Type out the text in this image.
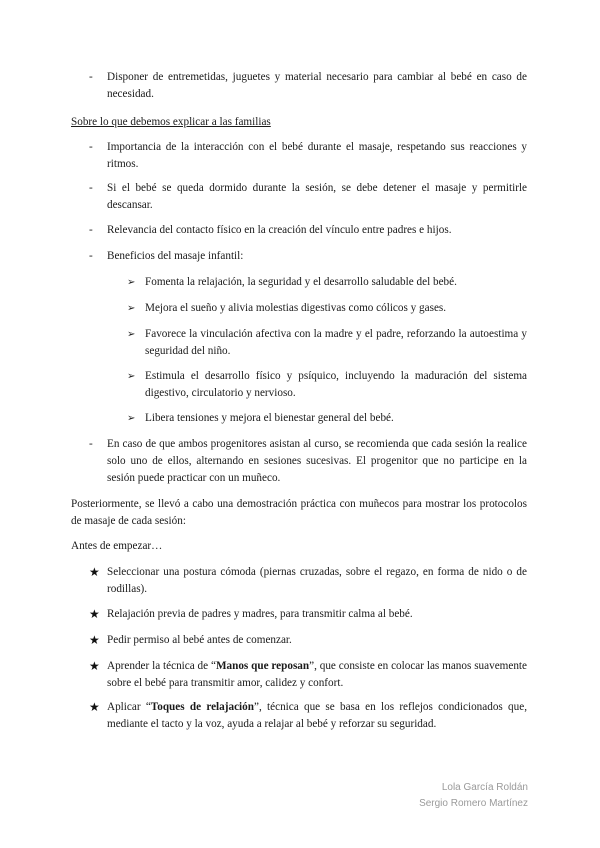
- Disponer de entremetidas, juguetes y material necesario para cambiar al bebé en caso de necesidad.
Sobre lo que debemos explicar a las familias
- Importancia de la interacción con el bebé durante el masaje, respetando sus reacciones y ritmos.
- Si el bebé se queda dormido durante la sesión, se debe detener el masaje y permitirle descansar.
- Relevancia del contacto físico en la creación del vínculo entre padres e hijos.
- Beneficios del masaje infantil:
➢ Fomenta la relajación, la seguridad y el desarrollo saludable del bebé.
➢ Mejora el sueño y alivia molestias digestivas como cólicos y gases.
➢ Favorece la vinculación afectiva con la madre y el padre, reforzando la autoestima y seguridad del niño.
➢ Estimula el desarrollo físico y psíquico, incluyendo la maduración del sistema digestivo, circulatorio y nervioso.
➢ Libera tensiones y mejora el bienestar general del bebé.
- En caso de que ambos progenitores asistan al curso, se recomienda que cada sesión la realice solo uno de ellos, alternando en sesiones sucesivas. El progenitor que no participe en la sesión puede practicar con un muñeco.
Posteriormente, se llevó a cabo una demostración práctica con muñecos para mostrar los protocolos de masaje de cada sesión:
Antes de empezar…
★ Seleccionar una postura cómoda (piernas cruzadas, sobre el regazo, en forma de nido o de rodillas).
★ Relajación previa de padres y madres, para transmitir calma al bebé.
★ Pedir permiso al bebé antes de comenzar.
★ Aprender la técnica de “Manos que reposan”, que consiste en colocar las manos suavemente sobre el bebé para transmitir amor, calidez y confort.
★ Aplicar “Toques de relajación”, técnica que se basa en los reflejos condicionados que, mediante el tacto y la voz, ayuda a relajar al bebé y reforzar su seguridad.
Lola García Roldán
Sergio Romero Martínez
